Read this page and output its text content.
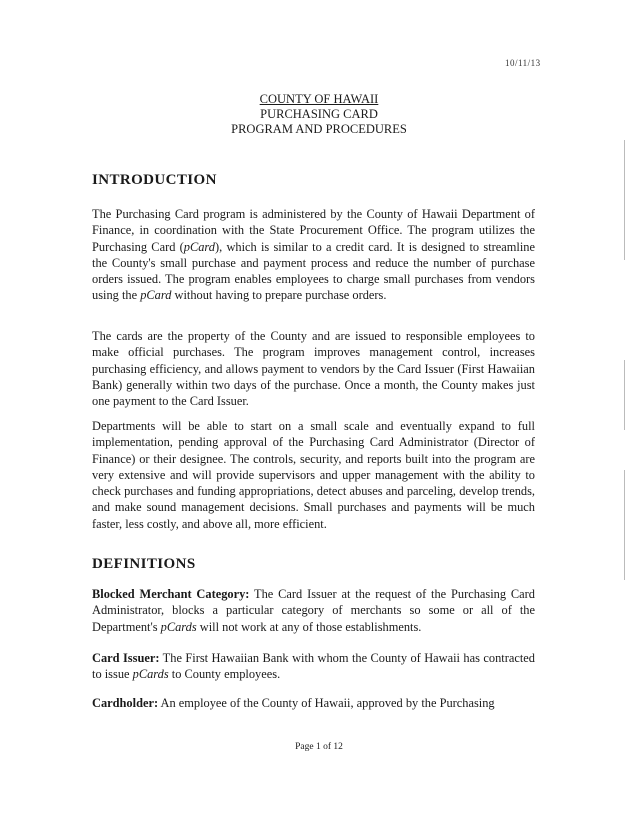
10/11/13
COUNTY OF HAWAII
PURCHASING CARD
PROGRAM AND PROCEDURES
INTRODUCTION
The Purchasing Card program is administered by the County of Hawaii Department of Finance, in coordination with the State Procurement Office. The program utilizes the Purchasing Card (pCard), which is similar to a credit card. It is designed to streamline the County's small purchase and payment process and reduce the number of purchase orders issued. The program enables employees to charge small purchases from vendors using the pCard without having to prepare purchase orders.
The cards are the property of the County and are issued to responsible employees to make official purchases. The program improves management control, increases purchasing efficiency, and allows payment to vendors by the Card Issuer (First Hawaiian Bank) generally within two days of the purchase. Once a month, the County makes just one payment to the Card Issuer.
Departments will be able to start on a small scale and eventually expand to full implementation, pending approval of the Purchasing Card Administrator (Director of Finance) or their designee. The controls, security, and reports built into the program are very extensive and will provide supervisors and upper management with the ability to check purchases and funding appropriations, detect abuses and parceling, develop trends, and make sound management decisions. Small purchases and payments will be much faster, less costly, and above all, more efficient.
DEFINITIONS
Blocked Merchant Category: The Card Issuer at the request of the Purchasing Card Administrator, blocks a particular category of merchants so some or all of the Department's pCards will not work at any of those establishments.
Card Issuer: The First Hawaiian Bank with whom the County of Hawaii has contracted to issue pCards to County employees.
Cardholder: An employee of the County of Hawaii, approved by the Purchasing
Page 1 of 12
